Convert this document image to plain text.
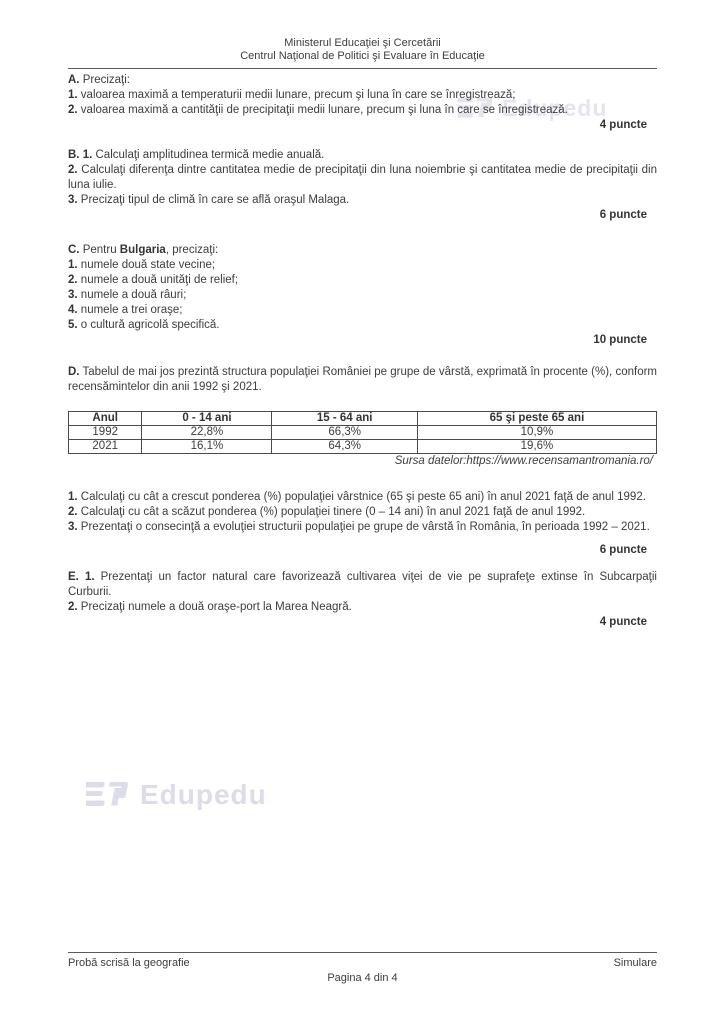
Edupedu
Edupedu
Ministerul Educaţiei şi Cercetării
Centrul Naţional de Politici şi Evaluare în Educaţie

A. Precizaţi:

1. valoarea maximă a temperaturii medii lunare, precum şi luna în care se înregistrează;

2. valoarea maximă a cantităţii de precipitaţii medii lunare, precum şi luna în care se înregistrează.

4 puncte

B. 1. Calculaţi amplitudinea termică medie anuală.

2. Calculaţi diferenţa dintre cantitatea medie de precipitaţii din luna noiembrie şi cantitatea medie de precipitaţii din luna iulie.

3. Precizaţi tipul de climă în care se află oraşul Malaga.

6 puncte

C. Pentru Bulgaria, precizaţi:

1. numele două state vecine;

2. numele a două unităţi de relief;

3. numele a două râuri;

4. numele a trei oraşe;

5. o cultură agricolă specifică.

10 puncte

D. Tabelul de mai jos prezintă structura populaţiei României pe grupe de vârstă, exprimată în procente (%), conform recensămintelor din anii 1992 şi 2021.

Anul	0 - 14 ani	15 - 64 ani	65 şi peste 65 ani
1992	22,8%	66,3%	10,9%
2021	16,1%	64,3%	19,6%
Sursa datelor:https://www.recensamantromania.ro/

1. Calculaţi cu cât a crescut ponderea (%) populaţiei vârstnice (65 şi peste 65 ani) în anul 2021 faţă de anul 1992.

2. Calculaţi cu cât a scăzut ponderea (%) populaţiei tinere (0 – 14 ani) în anul 2021 faţă de anul 1992.

3. Prezentaţi o consecinţă a evoluţiei structurii populaţiei pe grupe de vârstă în România, în perioada 1992 – 2021.

6 puncte

E. 1. Prezentaţi un factor natural care favorizează cultivarea viţei de vie pe suprafeţe extinse în Subcarpaţii Curburii.

2. Precizaţi numele a două oraşe-port la Marea Neagră.

4 puncte
Probă scrisă la geografie	Simulare
Pagina 4 din 4
